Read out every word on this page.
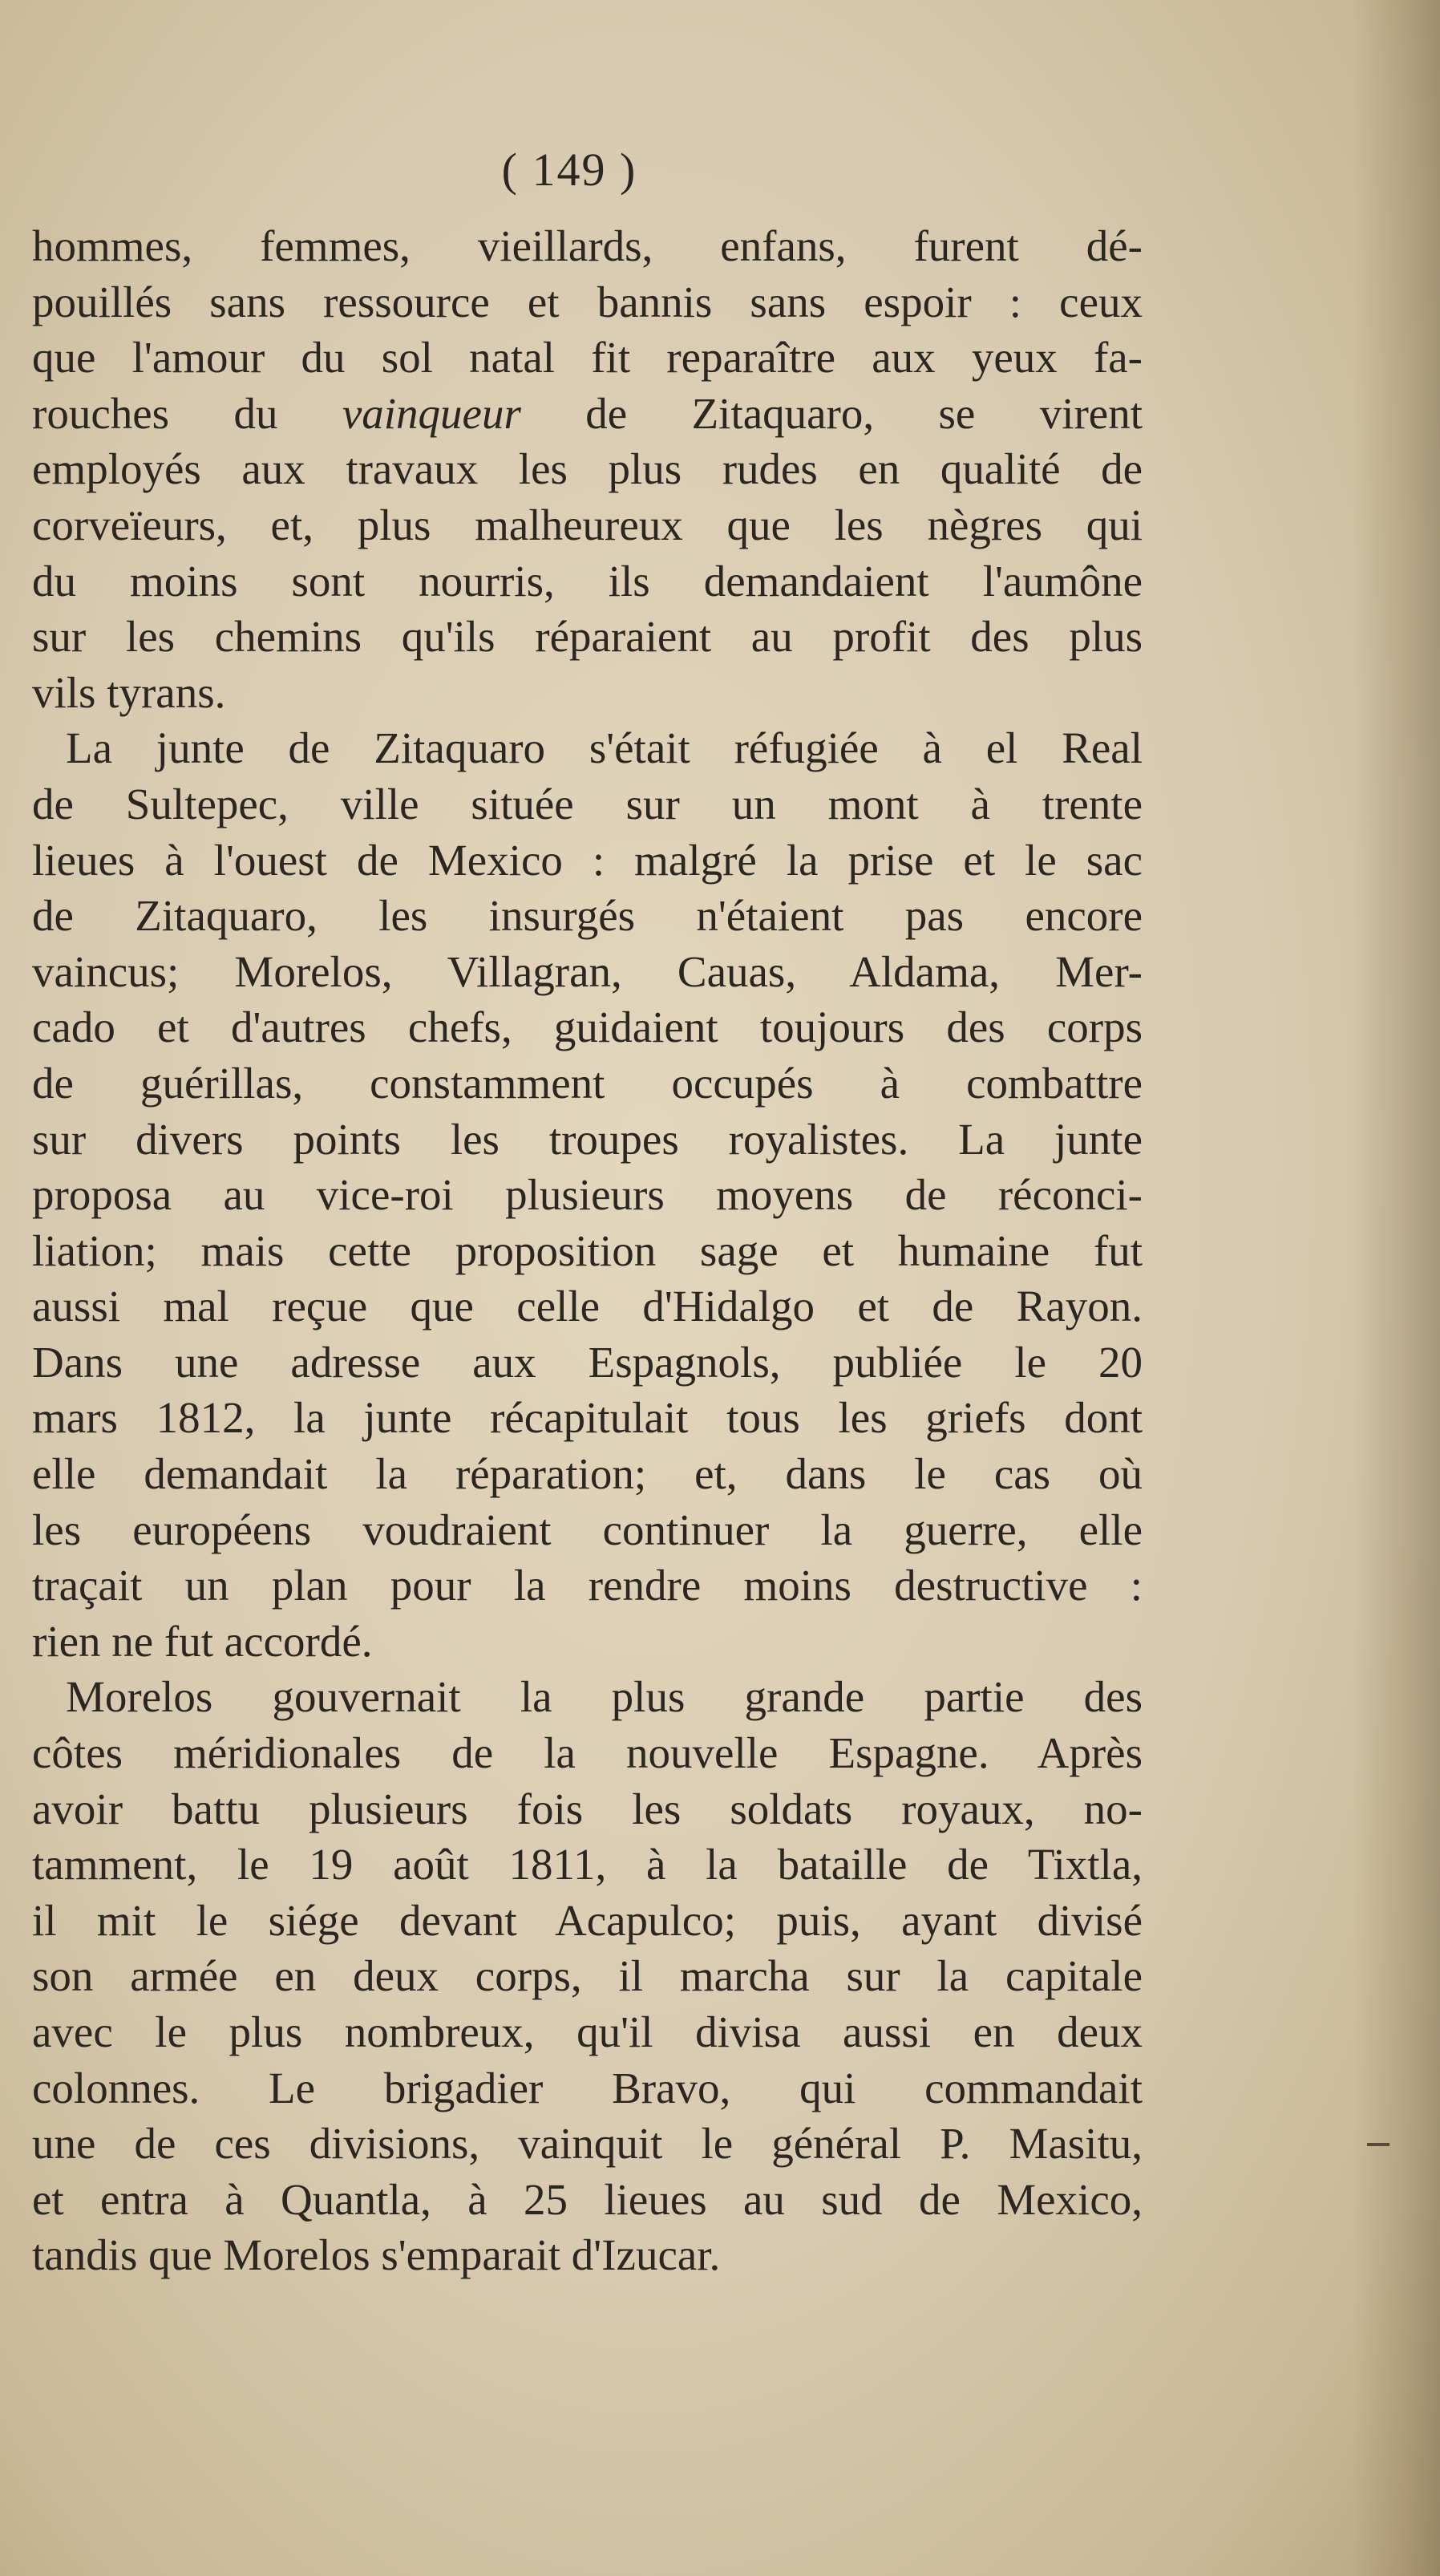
( 149 )
hommes, femmes, vieillards, enfans, furent dé-
pouillés sans ressource et bannis sans espoir : ceux
que l'amour du sol natal fit reparaître aux yeux fa-
rouches du vainqueur de Zitaquaro, se virent
employés aux travaux les plus rudes en qualité de
corveïeurs, et, plus malheureux que les nègres qui
du moins sont nourris, ils demandaient l'aumône
sur les chemins qu'ils réparaient au profit des plus
vils tyrans.
La junte de Zitaquaro s'était réfugiée à el Real
de Sultepec, ville située sur un mont à trente
lieues à l'ouest de Mexico : malgré la prise et le sac
de Zitaquaro, les insurgés n'étaient pas encore
vaincus; Morelos, Villagran, Cauas, Aldama, Mer-
cado et d'autres chefs, guidaient toujours des corps
de guérillas, constamment occupés à combattre
sur divers points les troupes royalistes. La junte
proposa au vice-roi plusieurs moyens de réconci-
liation; mais cette proposition sage et humaine fut
aussi mal reçue que celle d'Hidalgo et de Rayon.
Dans une adresse aux Espagnols, publiée le 20
mars 1812, la junte récapitulait tous les griefs dont
elle demandait la réparation; et, dans le cas où
les européens voudraient continuer la guerre, elle
traçait un plan pour la rendre moins destructive :
rien ne fut accordé.
Morelos gouvernait la plus grande partie des
côtes méridionales de la nouvelle Espagne. Après
avoir battu plusieurs fois les soldats royaux, no-
tamment, le 19 août 1811, à la bataille de Tixtla,
il mit le siége devant Acapulco; puis, ayant divisé
son armée en deux corps, il marcha sur la capitale
avec le plus nombreux, qu'il divisa aussi en deux
colonnes. Le brigadier Bravo, qui commandait
une de ces divisions, vainquit le général P. Masitu,
et entra à Quantla, à 25 lieues au sud de Mexico,
tandis que Morelos s'emparait d'Izucar.
